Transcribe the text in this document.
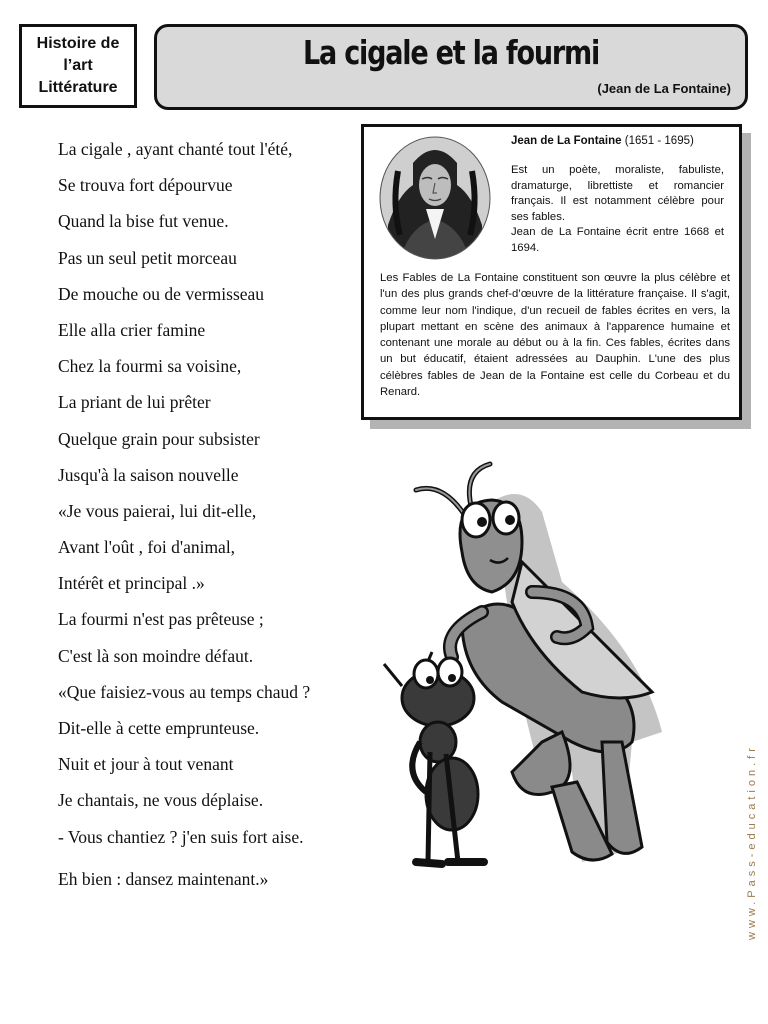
Histoire de
l’art
Littérature
La cigale et la fourmi
(Jean de La Fontaine)
La cigale , ayant chanté tout l'été,
Se trouva fort dépourvue
Quand la bise fut venue.
Pas un seul petit morceau
De mouche ou de vermisseau
Elle alla crier famine
Chez la fourmi sa voisine,
La priant de lui prêter
Quelque grain pour subsister
Jusqu'à la saison nouvelle
«Je vous paierai, lui dit-elle,
Avant l'oût , foi d'animal,
Intérêt et principal .»
La fourmi n'est pas prêteuse ;
C'est là son moindre défaut.
«Que faisiez-vous au temps chaud ?
Dit-elle à cette emprunteuse.
Nuit et jour à tout venant
Je chantais, ne vous déplaise.
- Vous chantiez ? j'en suis fort aise.
Eh bien : dansez maintenant.»
Jean de La Fontaine (1651 - 1695)

Est un poète, moraliste, fabuliste, dramaturge, librettiste et romancier français. Il est notamment célèbre pour ses fables.

Jean de La Fontaine écrit entre 1668 et 1694.

Les Fables de La Fontaine constituent son œuvre la plus célèbre et l'un des plus grands chef-d’œuvre de la littérature française. Il s'agit, comme leur nom l'indique, d'un recueil de fables écrites en vers, la plupart mettant en scène des animaux à l'apparence humaine et contenant une morale au début ou à la fin. Ces fables, écrites dans un but éducatif, étaient adressées au Dauphin. L'une des plus célèbres fables de Jean de la Fontaine est celle du Corbeau et du Renard.
www.Pass-education.fr
